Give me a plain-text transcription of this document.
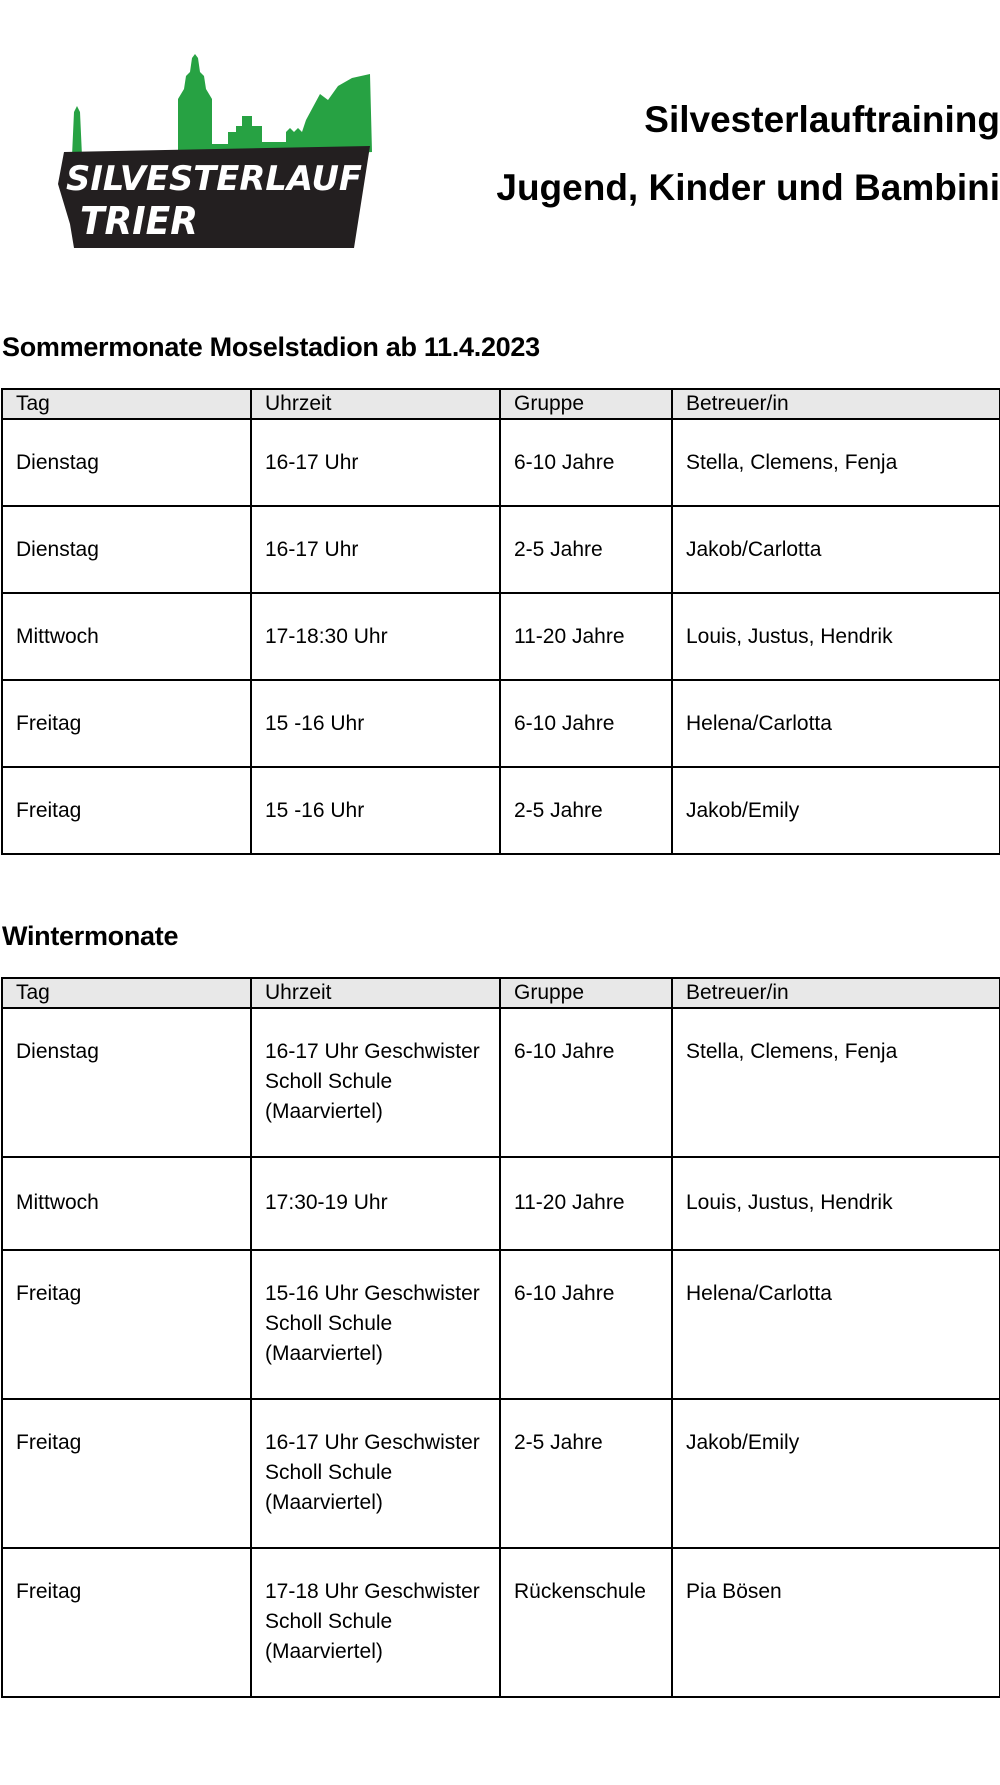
SILVESTERLAUF
TRIER

Silvesterlauftraining

Jugend, Kinder und Bambini

Sommermonate Moselstadion ab 11.4.2023
Tag	Uhrzeit	Gruppe	Betreuer/in
Dienstag	16-17 Uhr	6-10 Jahre	Stella, Clemens, Fenja
Dienstag	16-17 Uhr	2-5 Jahre	Jakob/Carlotta
Mittwoch	17-18:30 Uhr	11-20 Jahre	Louis, Justus, Hendrik
Freitag	15 -16 Uhr	6-10 Jahre	Helena/Carlotta
Freitag	15 -16 Uhr	2-5 Jahre	Jakob/Emily
Wintermonate
Tag	Uhrzeit	Gruppe	Betreuer/in
Dienstag	16-17 Uhr Geschwister Scholl Schule (Maarviertel)	6-10 Jahre	Stella, Clemens, Fenja
Mittwoch	17:30-19 Uhr	11-20 Jahre	Louis, Justus, Hendrik
Freitag	15-16 Uhr Geschwister Scholl Schule (Maarviertel)	6-10 Jahre	Helena/Carlotta
Freitag	16-17 Uhr Geschwister Scholl Schule (Maarviertel)	2-5 Jahre	Jakob/Emily
Freitag	17-18 Uhr Geschwister Scholl Schule (Maarviertel)	Rückenschule	Pia Bösen
